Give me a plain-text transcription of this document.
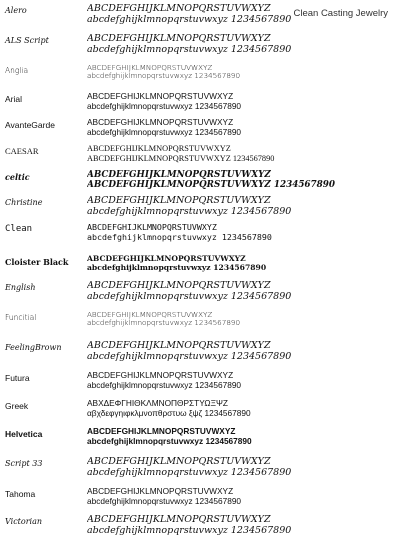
Clean Casting Jewelry
Alero	ABCDEFGHIJKLMNOPQRSTUVWXYZ
abcdefghijklmnopqrstuvwxyz 1234567890
ALS Script	ABCDEFGHIJKLMNOPQRSTUVWXYZ
abcdefghijklmnopqrstuvwxyz 1234567890
Anglia	ABCDEFGHIJKLMNOPQRSTUVWXYZ
abcdefghijklmnopqrstuvwxyz 1234567890
Arial	ABCDEFGHIJKLMNOPQRSTUVWXYZ
abcdefghijklmnopqrstuvwxyz 1234567890
AvanteGarde	ABCDEFGHIJKLMNOPQRSTUVWXYZ
abcdefghijklmnopqrstuvwxyz 1234567890
CAESAR	ABCDEFGHIJKLMNOPQRSTUVWXYZ
ABCDEFGHIJKLMNOPQRSTUVWXYZ 1234567890
celtic	ABCDEFGHIJKLMNOPQRSTUVWXYZ
ABCDEFGHIJKLMNOPQRSTUVWXYZ 1234567890
Christine	ABCDEFGHIJKLMNOPQRSTUVWXYZ
abcdefghijklmnopqrstuvwxyz 1234567890
Clean	ABCDEFGHIJKLMNOPQRSTUVWXYZ
abcdefghijklmnopqrstuvwxyz 1234567890
Cloister Black ABCDEFGHIJKLMNOPQRSTUVWXYZ
abcdefghijklmnopqrstuvwxyz 1234567890
English	ABCDEFGHIJKLMNOPQRSTUVWXYZ
abcdefghijklmnopqrstuvwxyz 1234567890
Funcitial	ABCDEFGHIJKLMNOPQRSTUVWXYZ
abcdefghijklmnopqrstuvwxyz 1234567890
FeelingBrown	ABCDEFGHIJKLMNOPQRSTUVWXYZ
abcdefghijklmnopqrstuvwxyz 1234567890
Futura	ABCDEFGHIJKLMNOPQRSTUVWXYZ
abcdefghijklmnopqrstuvwxyz 1234567890
Greek	ΑΒΧΔΕΦΓΗΙΘΚΛΜΝΟΠΘΡΣΤΥΩΞΨΖ
αβχδεφγηιφκλμνοπθρστυω ξψζ 1234567890
Helvetica	ABCDEFGHIJKLMNOPQRSTUVWXYZ
abcdefghijklmnopqrstuvwxyz 1234567890
Script 33	ABCDEFGHIJKLMNOPQRSTUVWXYZ
abcdefghijklmnopqrstuvwxyz 1234567890
Tahoma	ABCDEFGHIJKLMNOPQRSTUVWXYZ
abcdefghijklmnopqrstuvwxyz 1234567890
Victorian	ABCDEFGHIJKLMNOPQRSTUVWXYZ
abcdefghijklmnopqrstuvwxyz 1234567890
